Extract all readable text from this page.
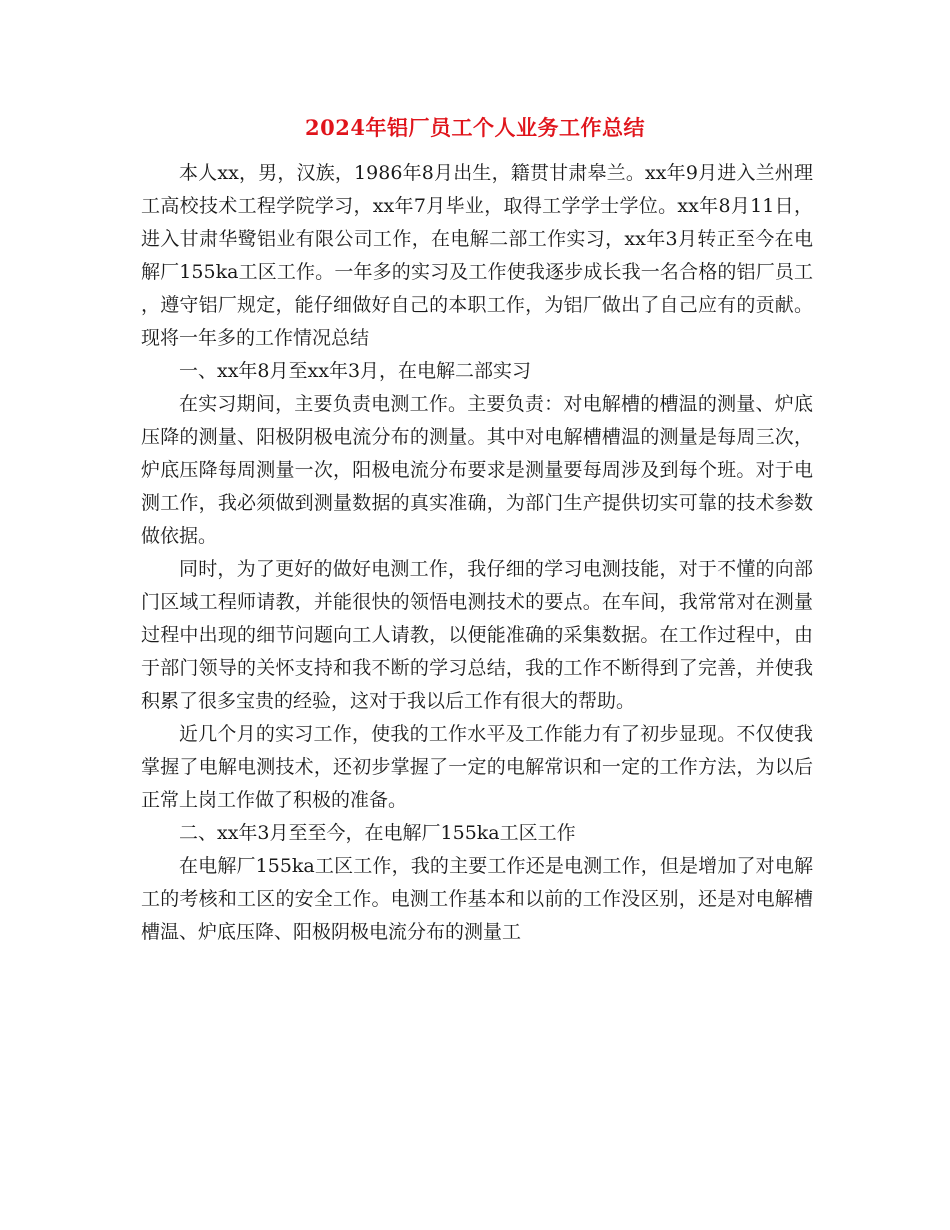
2024年铝厂员工个人业务工作总结

本人xx，男，汉族，1986年8月出生，籍贯甘肃皋兰。xx年9月进入兰州理工高校技术工程学院学习，xx年7月毕业，取得工学学士学位。xx年8月11日，进入甘肃华鹭铝业有限公司工作，在电解二部工作实习，xx年3月转正至今在电解厂155ka工区工作。一年多的实习及工作使我逐步成长我一名合格的铝厂员工，遵守铝厂规定，能仔细做好自己的本职工作，为铝厂做出了自己应有的贡献。现将一年多的工作情况总结

一、xx年8月至xx年3月，在电解二部实习

在实习期间，主要负责电测工作。主要负责：对电解槽的槽温的测量、炉底压降的测量、阳极阴极电流分布的测量。其中对电解槽槽温的测量是每周三次，炉底压降每周测量一次，阳极电流分布要求是测量要每周涉及到每个班。对于电测工作，我必须做到测量数据的真实准确，为部门生产提供切实可靠的技术参数做依据。

同时，为了更好的做好电测工作，我仔细的学习电测技能，对于不懂的向部门区域工程师请教，并能很快的领悟电测技术的要点。在车间，我常常对在测量过程中出现的细节问题向工人请教，以便能准确的采集数据。在工作过程中，由于部门领导的关怀支持和我不断的学习总结，我的工作不断得到了完善，并使我积累了很多宝贵的经验，这对于我以后工作有很大的帮助。

近几个月的实习工作，使我的工作水平及工作能力有了初步显现。不仅使我掌握了电解电测技术，还初步掌握了一定的电解常识和一定的工作方法，为以后正常上岗工作做了积极的准备。

二、xx年3月至至今，在电解厂155ka工区工作

在电解厂155ka工区工作，我的主要工作还是电测工作，但是增加了对电解工的考核和工区的安全工作。电测工作基本和以前的工作没区别，还是对电解槽槽温、炉底压降、阳极阴极电流分布的测量工
